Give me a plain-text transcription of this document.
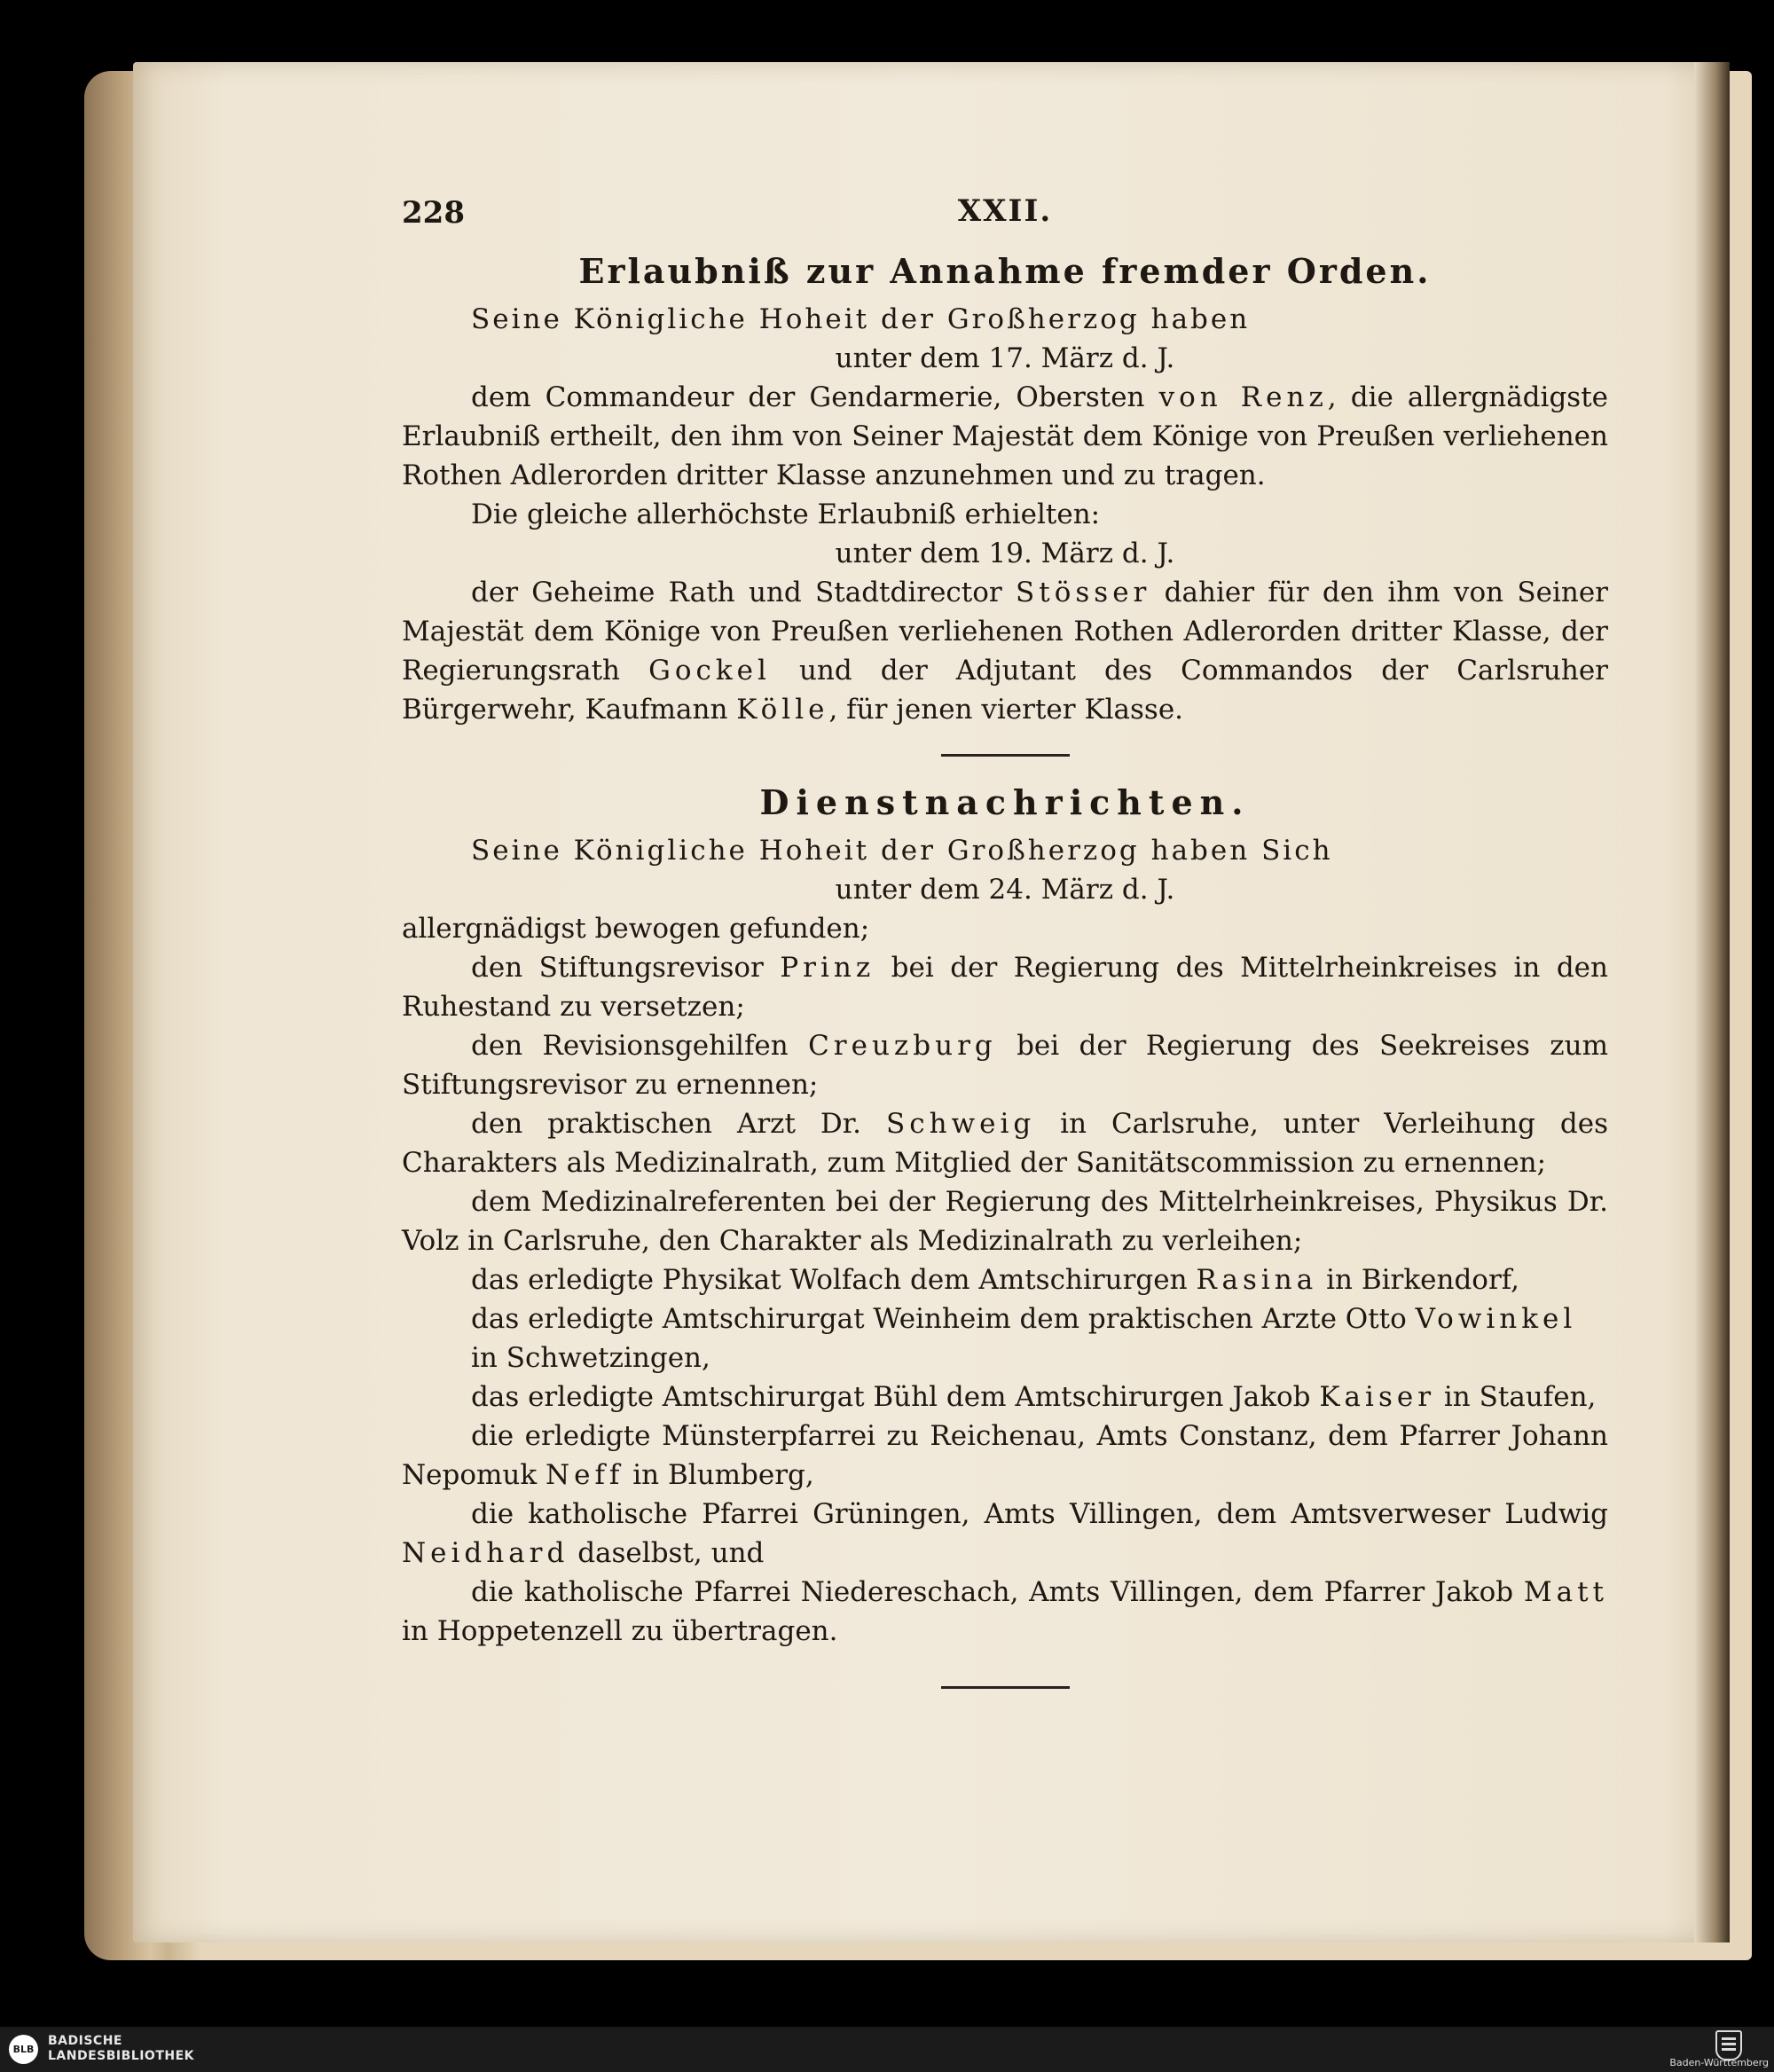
228	XXII.
Erlaubniß zur Annahme fremder Orden.

Seine Königliche Hoheit der Großherzog haben

unter dem 17. März d. J.

dem Commandeur der Gendarmerie, Obersten von Renz, die allergnädigste Erlaubniß ertheilt, den ihm von Seiner Majestät dem Könige von Preußen verliehenen Rothen Adlerorden dritter Klasse anzunehmen und zu tragen.

Die gleiche allerhöchste Erlaubniß erhielten:

unter dem 19. März d. J.

der Geheime Rath und Stadtdirector Stösser dahier für den ihm von Seiner Majestät dem Könige von Preußen verliehenen Rothen Adlerorden dritter Klasse, der Regierungsrath Gockel und der Adjutant des Commandos der Carlsruher Bürgerwehr, Kaufmann Kölle, für jenen vierter Klasse.

Dienstnachrichten.

Seine Königliche Hoheit der Großherzog haben Sich

unter dem 24. März d. J.

allergnädigst bewogen gefunden;

den Stiftungsrevisor Prinz bei der Regierung des Mittelrheinkreises in den Ruhestand zu versetzen;

den Revisionsgehilfen Creuzburg bei der Regierung des Seekreises zum Stiftungsrevisor zu ernennen;

den praktischen Arzt Dr. Schweig in Carlsruhe, unter Verleihung des Charakters als Medizinalrath, zum Mitglied der Sanitätscommission zu ernennen;

dem Medizinalreferenten bei der Regierung des Mittelrheinkreises, Physikus Dr. Volz in Carlsruhe, den Charakter als Medizinalrath zu verleihen;

das erledigte Physikat Wolfach dem Amtschirurgen Rasina in Birkendorf,

das erledigte Amtschirurgat Weinheim dem praktischen Arzte Otto Vowinkel in Schwetzingen,

das erledigte Amtschirurgat Bühl dem Amtschirurgen Jakob Kaiser in Staufen,

die erledigte Münsterpfarrei zu Reichenau, Amts Constanz, dem Pfarrer Johann Nepomuk Neff in Blumberg,

die katholische Pfarrei Grüningen, Amts Villingen, dem Amtsverweser Ludwig Neidhard daselbst, und

die katholische Pfarrei Niedereschach, Amts Villingen, dem Pfarrer Jakob Matt in Hoppetenzell zu übertragen.

BLB
BADISCHE
LANDESBIBLIOTHEK	Baden-Württemberg
